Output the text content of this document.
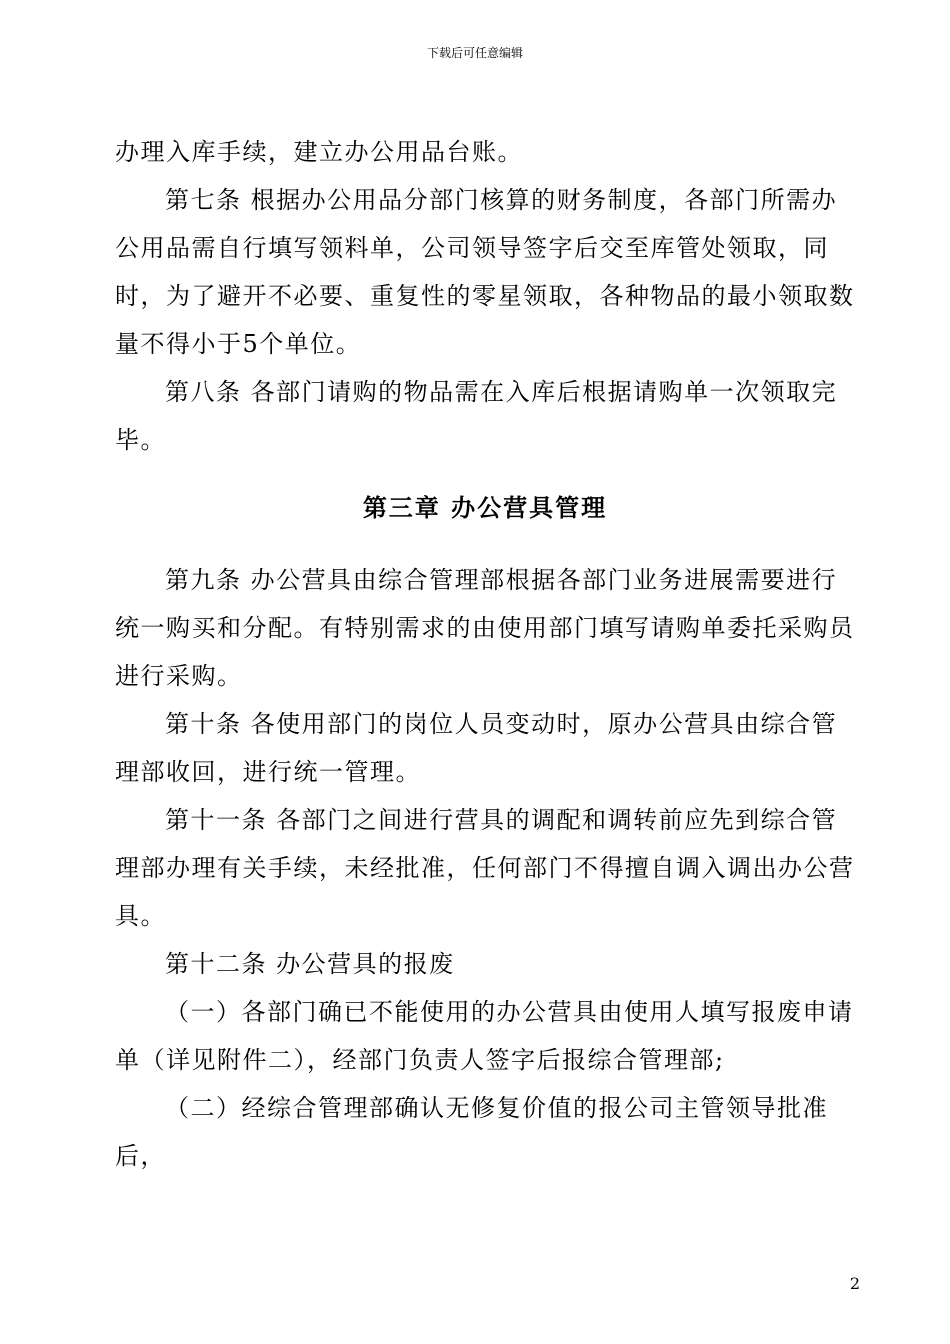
下载后可任意编辑

办理入库手续，建立办公用品台账。

第七条 根据办公用品分部门核算的财务制度，各部门所需办公用品需自行填写领料单，公司领导签字后交至库管处领取，同时，为了避开不必要、重复性的零星领取，各种物品的最小领取数量不得小于5个单位。

第八条 各部门请购的物品需在入库后根据请购单一次领取完毕。

第三章 办公营具管理

第九条 办公营具由综合管理部根据各部门业务进展需要进行统一购买和分配。有特别需求的由使用部门填写请购单委托采购员进行采购。

第十条 各使用部门的岗位人员变动时，原办公营具由综合管理部收回，进行统一管理。

第十一条 各部门之间进行营具的调配和调转前应先到综合管理部办理有关手续，未经批准，任何部门不得擅自调入调出办公营具。

第十二条 办公营具的报废

（一）各部门确已不能使用的办公营具由使用人填写报废申请单（详见附件二），经部门负责人签字后报综合管理部;

（二）经综合管理部确认无修复价值的报公司主管领导批准后，

2
